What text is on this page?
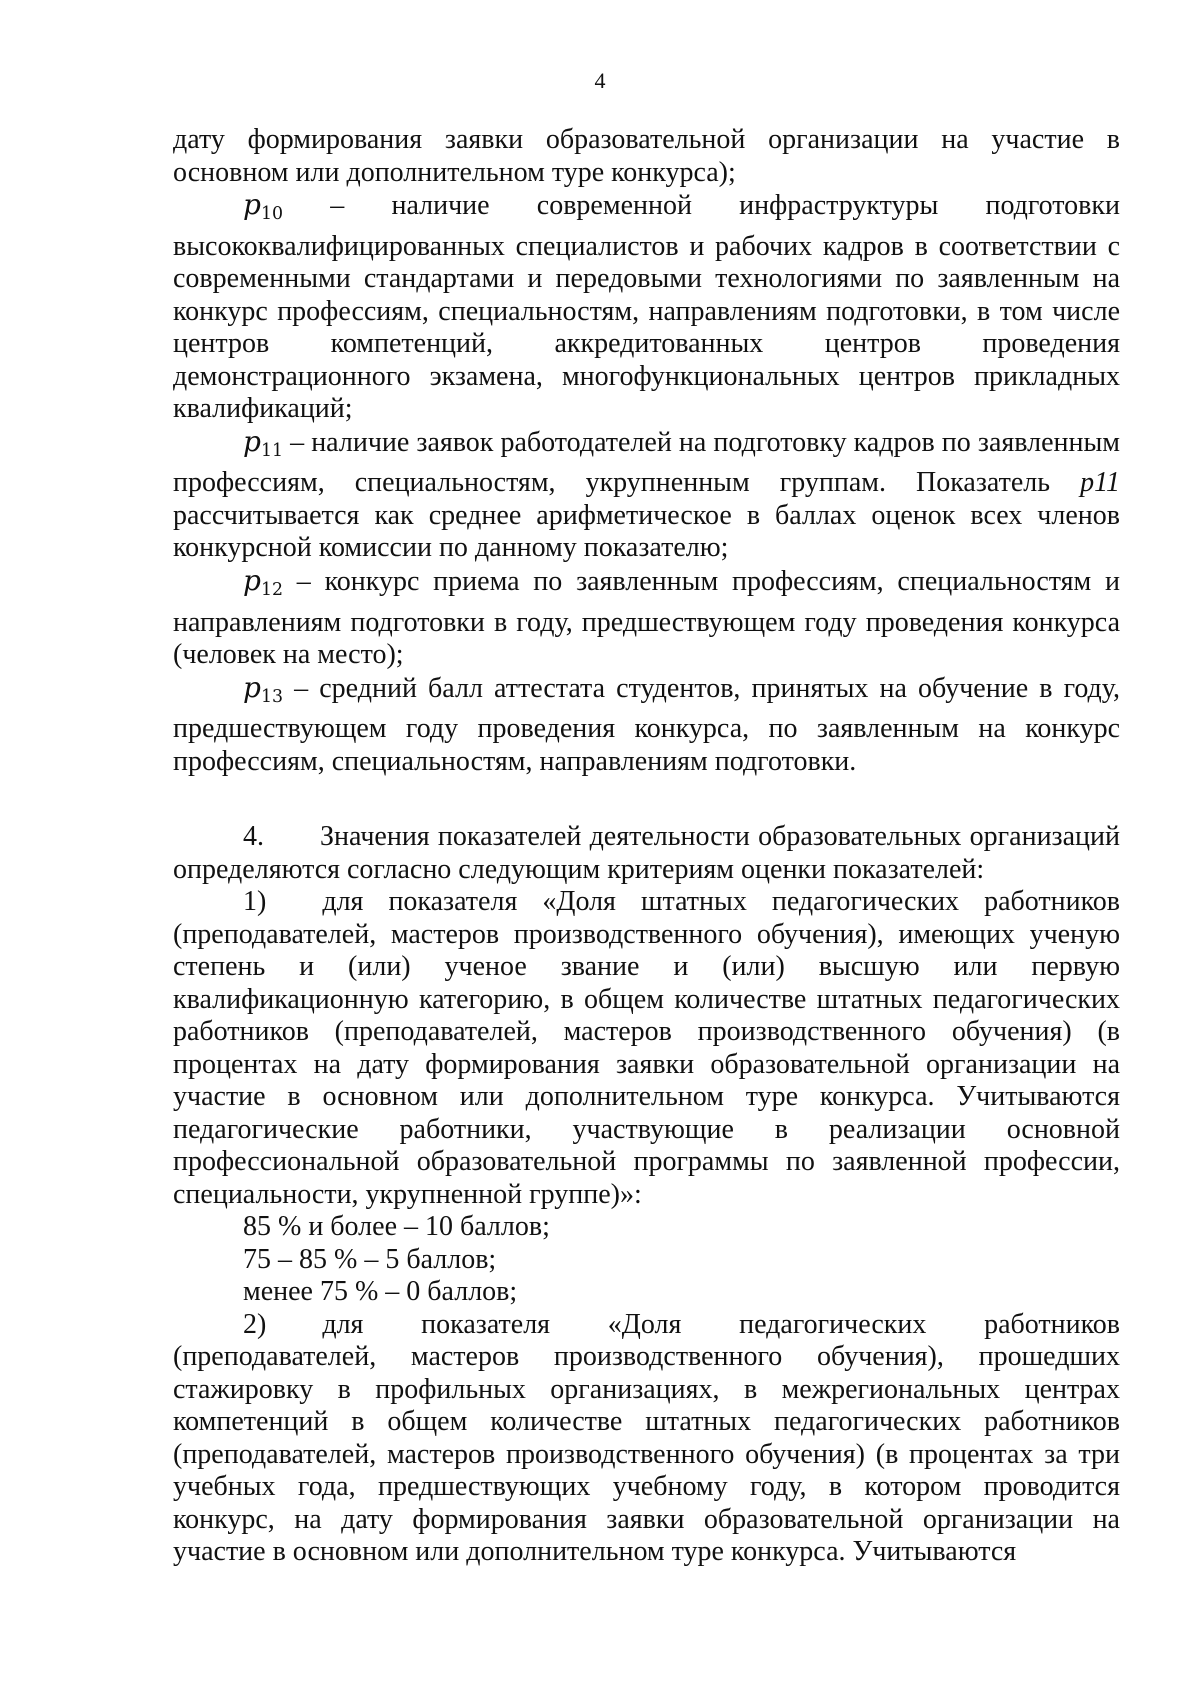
4

дату формирования заявки образовательной организации на участие в основном или дополнительном туре конкурса);

$p_{10}$ – наличие современной инфраструктуры подготовки высококвалифицированных специалистов и рабочих кадров в соответствии с современными стандартами и передовыми технологиями по заявленным на конкурс профессиям, специальностям, направлениям подготовки, в том числе центров компетенций, аккредитованных центров проведения демонстрационного экзамена, многофункциональных центров прикладных квалификаций;

$p_{11}$ – наличие заявок работодателей на подготовку кадров по заявленным профессиям, специальностям, укрупненным группам. Показатель p11 рассчитывается как среднее арифметическое в баллах оценок всех членов конкурсной комиссии по данному показателю;

$p_{12}$ – конкурс приема по заявленным профессиям, специальностям и направлениям подготовки в году, предшествующем году проведения конкурса (человек на место);

$p_{13}$ – средний балл аттестата студентов, принятых на обучение в году, предшествующем году проведения конкурса, по заявленным на конкурс профессиям, специальностям, направлениям подготовки.

4.  Значения показателей деятельности образовательных организаций определяются согласно следующим критериям оценки показателей:

1)  для показателя «Доля штатных педагогических работников (преподавателей, мастеров производственного обучения), имеющих ученую степень и (или) ученое звание и (или) высшую или первую квалификационную категорию, в общем количестве штатных педагогических работников (преподавателей, мастеров производственного обучения) (в процентах на дату формирования заявки образовательной организации на участие в основном или дополнительном туре конкурса. Учитываются педагогические работники, участвующие в реализации основной профессиональной образовательной программы по заявленной профессии, специальности, укрупненной группе)»:

85 % и более – 10 баллов;

75 – 85 % – 5 баллов;

менее 75 % – 0 баллов;

2)  для показателя «Доля педагогических работников (преподавателей, мастеров производственного обучения), прошедших стажировку в профильных организациях, в межрегиональных центрах компетенций в общем количестве штатных педагогических работников (преподавателей, мастеров производственного обучения) (в процентах за три учебных года, предшествующих учебному году, в котором проводится конкурс, на дату формирования заявки образовательной организации на участие в основном или дополнительном туре конкурса. Учитываются
